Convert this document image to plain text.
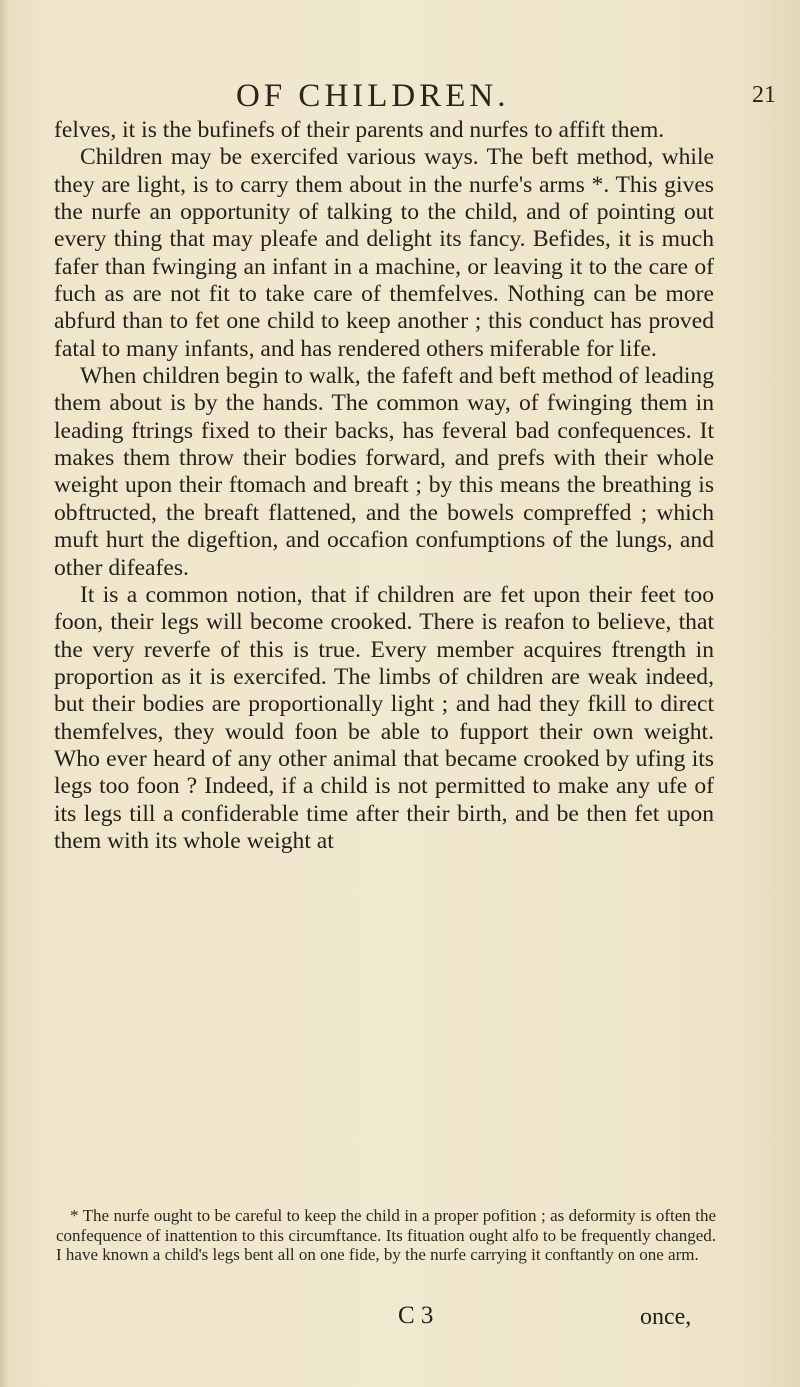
OF CHILDREN.	21

felves, it is the bufinefs of their parents and nurfes to affift them.

Children may be exercifed various ways. The beft method, while they are light, is to carry them about in the nurfe's arms *. This gives the nurfe an opportunity of talking to the child, and of pointing out every thing that may pleafe and delight its fancy. Befides, it is much fafer than fwinging an infant in a machine, or leaving it to the care of fuch as are not fit to take care of themfelves. Nothing can be more abfurd than to fet one child to keep another ; this conduct has proved fatal to many infants, and has rendered others miferable for life.

When children begin to walk, the fafeft and beft method of leading them about is by the hands. The common way, of fwinging them in leading ftrings fixed to their backs, has feveral bad confequences. It makes them throw their bodies forward, and prefs with their whole weight upon their ftomach and breaft ; by this means the breathing is obftructed, the breaft flattened, and the bowels compreffed ; which muft hurt the digeftion, and occafion confumptions of the lungs, and other difeafes.

It is a common notion, that if children are fet upon their feet too foon, their legs will become crooked. There is reafon to believe, that the very reverfe of this is true. Every member acquires ftrength in proportion as it is exercifed. The limbs of children are weak indeed, but their bodies are proportionally light ; and had they fkill to direct themfelves, they would foon be able to fupport their own weight. Who ever heard of any other animal that became crooked by ufing its legs too foon ? Indeed, if a child is not permitted to make any ufe of its legs till a confiderable time after their birth, and be then fet upon them with its whole weight at

* The nurfe ought to be careful to keep the child in a proper pofition ; as deformity is often the confequence of inattention to this circumftance. Its fituation ought alfo to be frequently changed. I have known a child's legs bent all on one fide, by the nurfe carrying it conftantly on one arm.

C 3	once,
